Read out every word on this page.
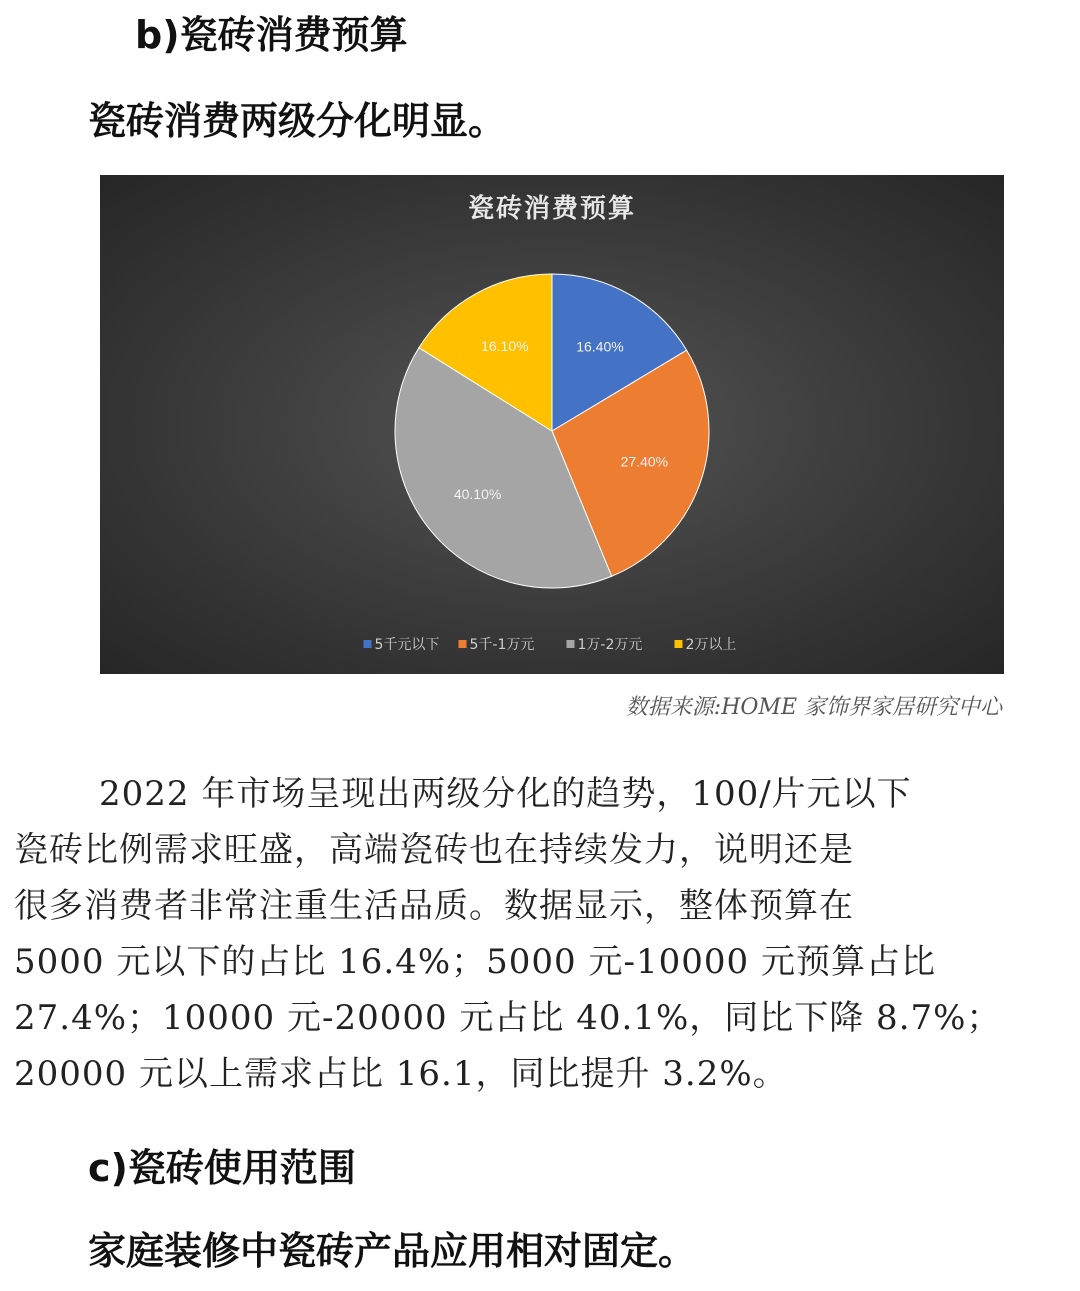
b)瓷砖消费预算
瓷砖消费两级分化明显。
瓷砖消费预算
16.40%
27.40%
40.10%
16.10%
5千元以下 5千-1万元	1万-2万元	2万以上
数据来源:HOME 家饰界家居研究中心
2022 年市场呈现出两级分化的趋势，100/片元以下
瓷砖比例需求旺盛，高端瓷砖也在持续发力，说明还是
很多消费者非常注重生活品质。数据显示，整体预算在
5000 元以下的占比 16.4%；5000 元-10000 元预算占比
27.4%；10000 元-20000 元占比 40.1%，同比下降 8.7%；
20000 元以上需求占比 16.1，同比提升 3.2%。
c)瓷砖使用范围
家庭装修中瓷砖产品应用相对固定。
